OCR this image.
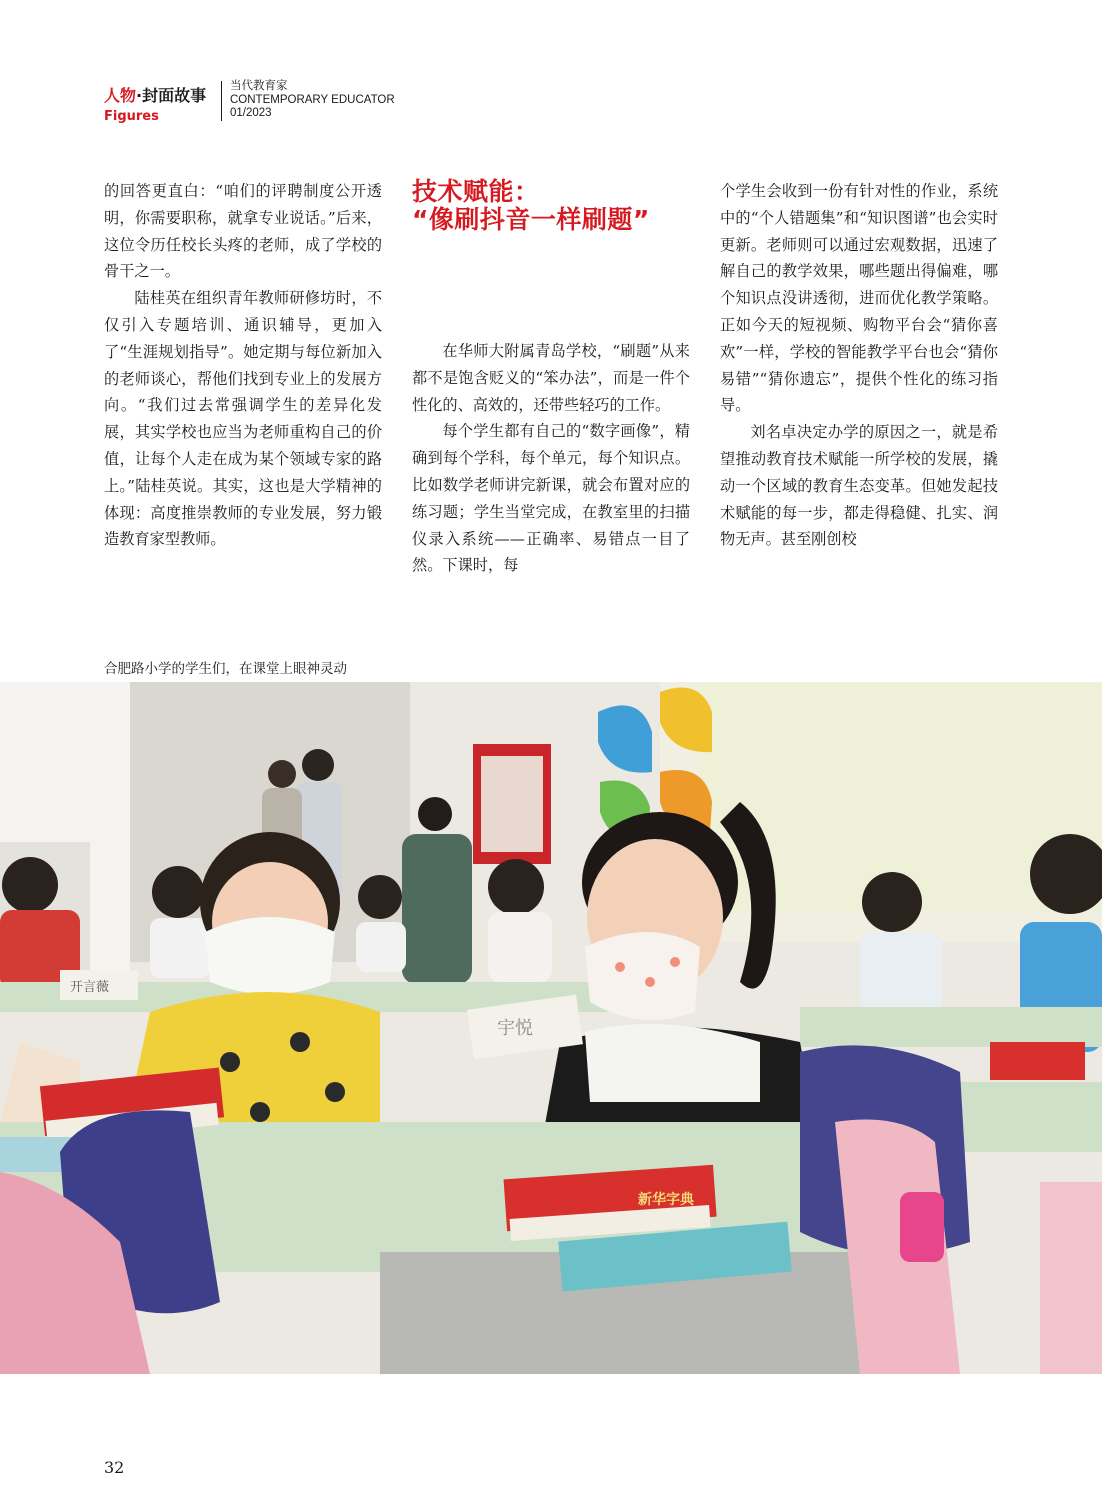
人物·封面故事
Figures
当代教育家
CONTEMPORARY EDUCATOR
01/2023

的回答更直白：“咱们的评聘制度公开透明，你需要职称，就拿专业说话。”后来，这位令历任校长头疼的老师，成了学校的骨干之一。

陆桂英在组织青年教师研修坊时，不仅引入专题培训、通识辅导，更加入了“生涯规划指导”。她定期与每位新加入的老师谈心，帮他们找到专业上的发展方向。“我们过去常强调学生的差异化发展，其实学校也应当为老师重构自己的价值，让每个人走在成为某个领域专家的路上。”陆桂英说。其实，这也是大学精神的体现：高度推崇教师的专业发展，努力锻造教育家型教师。

技术赋能：
“像刷抖音一样刷题”

在华师大附属青岛学校，“刷题”从来都不是饱含贬义的“笨办法”，而是一件个性化的、高效的，还带些轻巧的工作。

每个学生都有自己的“数字画像”，精确到每个学科，每个单元，每个知识点。比如数学老师讲完新课，就会布置对应的练习题；学生当堂完成，在教室里的扫描仪录入系统——正确率、易错点一目了然。下课时，每

个学生会收到一份有针对性的作业，系统中的“个人错题集”和“知识图谱”也会实时更新。老师则可以通过宏观数据，迅速了解自己的教学效果，哪些题出得偏难，哪个知识点没讲透彻，进而优化教学策略。正如今天的短视频、购物平台会“猜你喜欢”一样，学校的智能教学平台也会“猜你易错”“猜你遗忘”，提供个性化的练习指导。

刘名卓决定办学的原因之一，就是希望推动教育技术赋能一所学校的发展，撬动一个区域的教育生态变革。但她发起技术赋能的每一步，都走得稳健、扎实、润物无声。甚至刚创校

合肥路小学的学生们，在课堂上眼神灵动
开言薇
宇悦
新华字典
32
